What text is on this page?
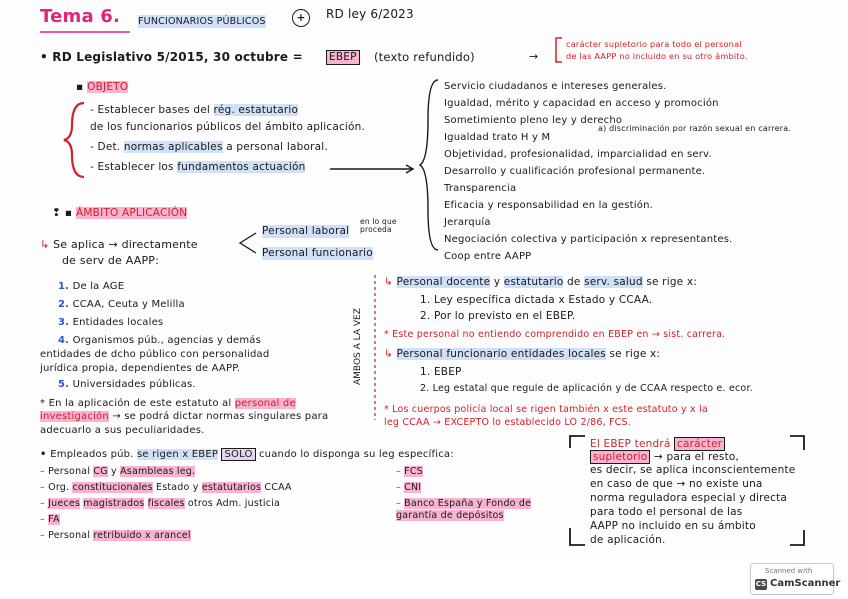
Tema 6. FUNCIONARIOS PÚBLICOS	+	RD ley 6/2023
• RD Legislativo 5/2015, 30 octubre = EBEP (texto refundido)	→
carácter supletorio para todo el personal
de las AAPP no incluido en su otro ámbito.
▪ OBJETO
- Establecer bases del rég. estatutario
de los funcionarios públicos del ámbito aplicación.
- Det. normas aplicables a personal laboral.
- Establecer los fundamentos actuación
Servicio ciudadanos e intereses generales.
Igualdad, mérito y capacidad en acceso y promoción
Sometimiento pleno ley y derecho
Igualdad trato H y M
Objetividad, profesionalidad, imparcialidad en serv.
Desarrollo y cualificación profesional permanente.
Transparencia
Eficacia y responsabilidad en la gestión.
Jerarquía
Negociación colectiva y participación x representantes.
Coop entre AAPP
a) discriminación por razón sexual en carrera.
❢ ▪ ÁMBITO APLICACIÓN
↳ Se aplica → directamente
de serv de AAPP:
Personal laboral
en lo que proceda
Personal funcionario
1. De la AGE
2. CCAA, Ceuta y Melilla
3. Entidades locales
4. Organismos púb., agencias y demás
entidades de dcho público con personalidad
jurídica propia, dependientes de AAPP.
5. Universidades públicas.
* En la aplicación de este estatuto al personal de
investigación → se podrá dictar normas singulares para
adecuarlo a sus peculiaridades.
AMBOS A LA VEZ
↳ Personal docente y estatutario de serv. salud se rige x:
1. Ley específica dictada x Estado y CCAA.
2. Por lo previsto en el EBEP.
* Este personal no entiendo comprendido en EBEP en → sist. carrera.
↳ Personal funcionario entidades locales se rige x:
1. EBEP
2. Leg estatal que regule de aplicación y de CCAA respecto e. ecor.
* Los cuerpos policía local se rigen también x este estatuto y x la
leg CCAA → EXCEPTO lo establecido LO 2/86, FCS.
• Empleados púb. se rigen x EBEP SOLO cuando lo disponga su leg específica:
– Personal CG y Asambleas leg.
– Org. constitucionales Estado y estatutarios CCAA
– Jueces magistrados fiscales otros Adm. justicia
– FA
– Personal retribuido x arancel
– FCS
– CNI
– Banco España y Fondo de
garantía de depósitos
El EBEP tendrá carácter
supletorio → para el resto,
es decir, se aplica inconscientemente
en caso de que → no existe una
norma reguladora especial y directa
para todo el personal de las
AAPP no incluido en su ámbito
de aplicación.
Scanned with
CS CamScanner
